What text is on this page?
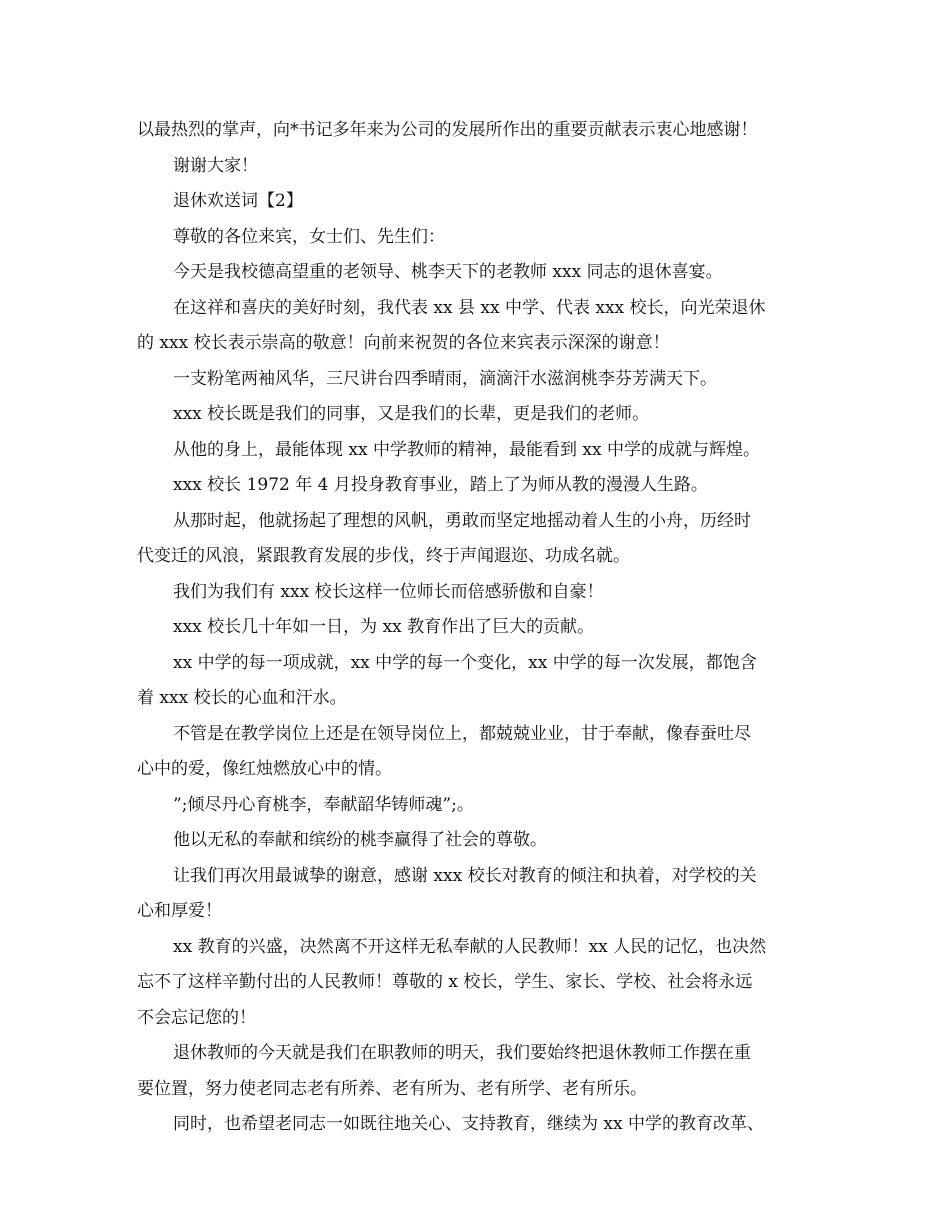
以最热烈的掌声，向*书记多年来为公司的发展所作出的重要贡献表示衷心地感谢！
谢谢大家！
退休欢送词【2】
尊敬的各位来宾，女士们、先生们：
今天是我校德高望重的老领导、桃李天下的老教师 xxx 同志的退休喜宴。
在这祥和喜庆的美好时刻，我代表 xx 县 xx 中学、代表 xxx 校长，向光荣退休
的 xxx 校长表示崇高的敬意！向前来祝贺的各位来宾表示深深的谢意！
一支粉笔两袖风华，三尺讲台四季晴雨，滴滴汗水滋润桃李芬芳满天下。
xxx 校长既是我们的同事，又是我们的长辈，更是我们的老师。
从他的身上，最能体现 xx 中学教师的精神，最能看到 xx 中学的成就与辉煌。
xxx 校长 1972 年 4 月投身教育事业，踏上了为师从教的漫漫人生路。
从那时起，他就扬起了理想的风帆，勇敢而坚定地摇动着人生的小舟，历经时
代变迁的风浪，紧跟教育发展的步伐，终于声闻遐迩、功成名就。
我们为我们有 xxx 校长这样一位师长而倍感骄傲和自豪！
xxx 校长几十年如一日，为 xx 教育作出了巨大的贡献。
xx 中学的每一项成就，xx 中学的每一个变化，xx 中学的每一次发展，都饱含
着 xxx 校长的心血和汗水。
不管是在教学岗位上还是在领导岗位上，都兢兢业业，甘于奉献，像春蚕吐尽
心中的爱，像红烛燃放心中的情。
”;倾尽丹心育桃李，奉献韶华铸师魂”;。
他以无私的奉献和缤纷的桃李赢得了社会的尊敬。
让我们再次用最诚挚的谢意，感谢 xxx 校长对教育的倾注和执着，对学校的关
心和厚爱！
xx 教育的兴盛，决然离不开这样无私奉献的人民教师！xx 人民的记忆，也决然
忘不了这样辛勤付出的人民教师！尊敬的 x 校长，学生、家长、学校、社会将永远
不会忘记您的！
退休教师的今天就是我们在职教师的明天，我们要始终把退休教师工作摆在重
要位置，努力使老同志老有所养、老有所为、老有所学、老有所乐。
同时，也希望老同志一如既往地关心、支持教育，继续为 xx 中学的教育改革、
